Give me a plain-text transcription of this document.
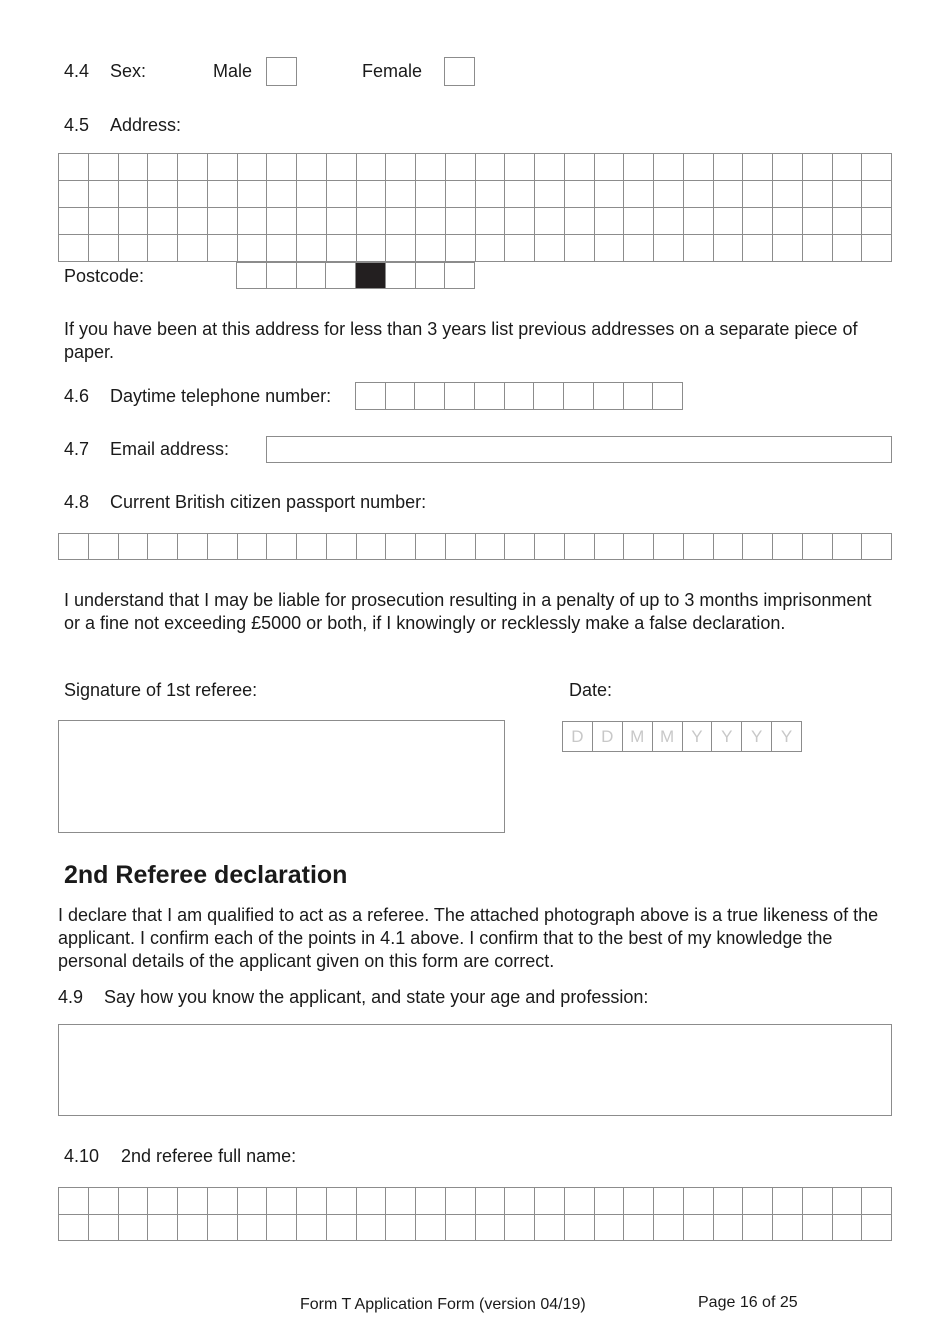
4.4 Sex:	Male	Female
4.5 Address:
Postcode:
If you have been at this address for less than 3 years list previous addresses on a separate piece of paper.
4.6 Daytime telephone number:
4.7 Email address:
4.8 Current British citizen passport number:
I understand that I may be liable for prosecution resulting in a penalty of up to 3 months imprisonment or a fine not exceeding £5000 or both, if I knowingly or recklessly make a false declaration.
Signature of 1st referee:	Date:
D	D M M	Y	Y	Y	Y
2nd Referee declaration
I declare that I am qualified to act as a referee. The attached photograph above is a true likeness of the applicant. I confirm each of the points in 4.1 above. I confirm that to the best of my knowledge the personal details of the applicant given on this form are correct.
4.9 Say how you know the applicant, and state your age and profession:
4.10 2nd referee full name:
Form T Application Form (version 04/19)	Page 16 of 25
